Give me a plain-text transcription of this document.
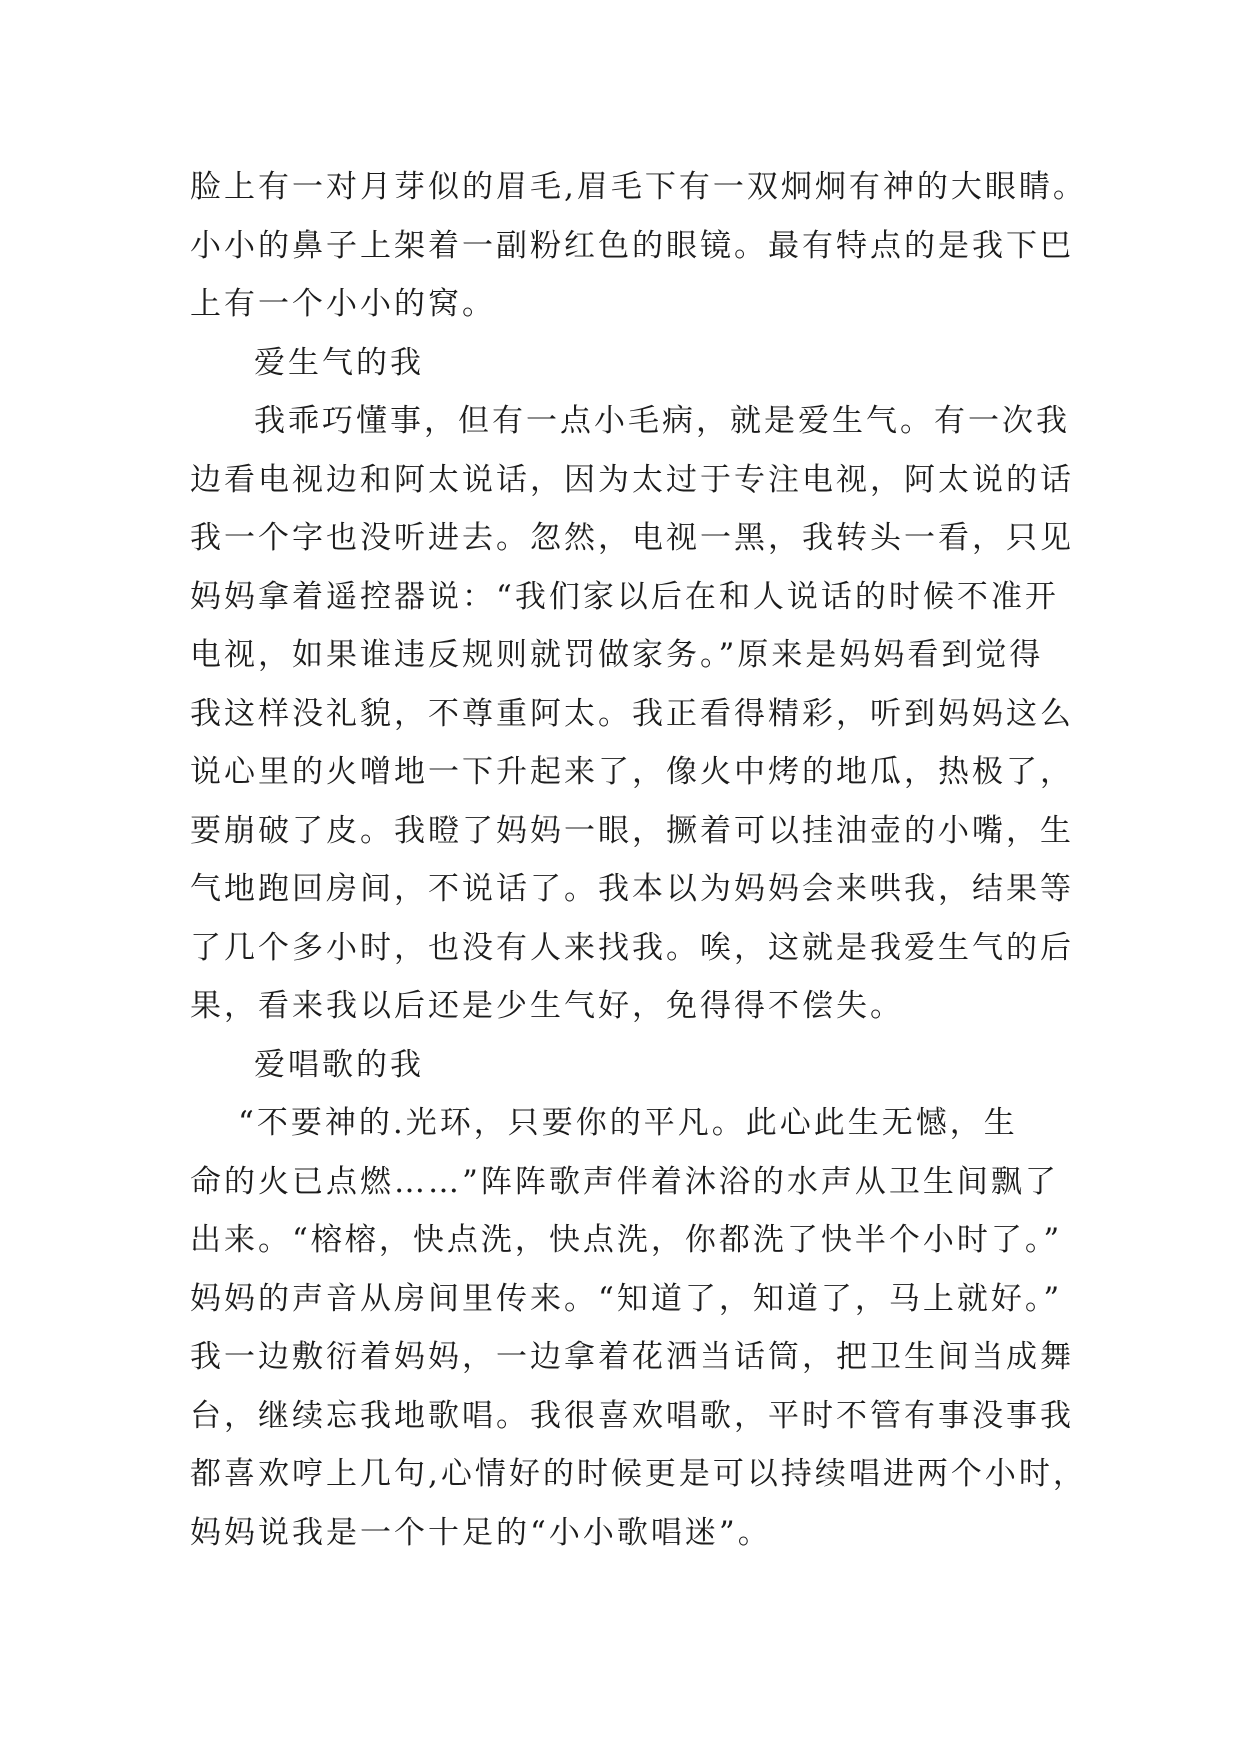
脸上有一对月芽似的眉毛,眉毛下有一双炯炯有神的大眼睛。
小小的鼻子上架着一副粉红色的眼镜。最有特点的是我下巴
上有一个小小的窝。
爱生气的我
我乖巧懂事，但有一点小毛病，就是爱生气。有一次我
边看电视边和阿太说话，因为太过于专注电视，阿太说的话
我一个字也没听进去。忽然，电视一黑，我转头一看，只见
妈妈拿着遥控器说：“我们家以后在和人说话的时候不准开
电视，如果谁违反规则就罚做家务。”原来是妈妈看到觉得
我这样没礼貌，不尊重阿太。我正看得精彩，听到妈妈这么
说心里的火噌地一下升起来了，像火中烤的地瓜，热极了，
要崩破了皮。我瞪了妈妈一眼，撅着可以挂油壶的小嘴，生
气地跑回房间，不说话了。我本以为妈妈会来哄我，结果等
了几个多小时，也没有人来找我。唉，这就是我爱生气的后
果，看来我以后还是少生气好，免得得不偿失。
爱唱歌的我
“不要神的.光环，只要你的平凡。此心此生无憾，生
命的火已点燃……”阵阵歌声伴着沐浴的水声从卫生间飘了
出来。“榕榕，快点洗，快点洗，你都洗了快半个小时了。”
妈妈的声音从房间里传来。“知道了，知道了，马上就好。”
我一边敷衍着妈妈，一边拿着花洒当话筒，把卫生间当成舞
台，继续忘我地歌唱。我很喜欢唱歌，平时不管有事没事我
都喜欢哼上几句,心情好的时候更是可以持续唱进两个小时，
妈妈说我是一个十足的“小小歌唱迷”。
